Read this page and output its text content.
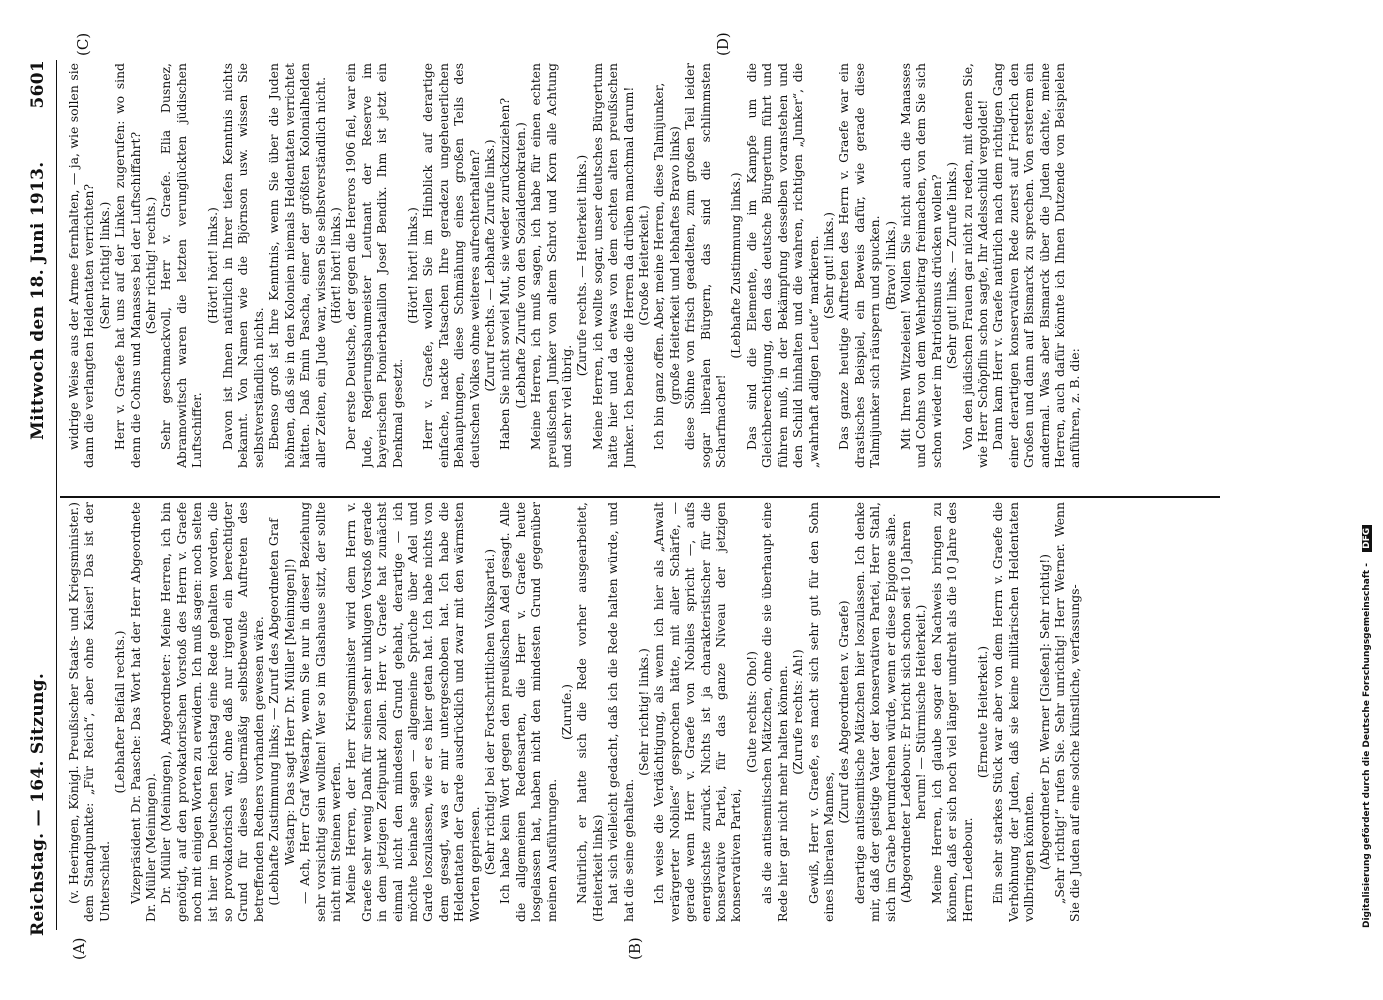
Reichstag. — 164. Sitzung.
Mittwoch den 18. Juni 1913.
5601
(A)	(B)
(C)	(D)

(v. Heeringen, Königl. Preußischer Staats- und Kriegsminister.) dem Standpunkte: „Für Reich“, aber ohne Kaiser! Das ist der Unterschied.

(Lebhafter Beifall rechts.) Vizepräsident Dr. Paasche: Das Wort hat der Herr Abgeordnete Dr. Müller (Meiningen). Dr. Müller (Meiningen), Abgeordneter: Meine Herren, ich bin genötigt, auf den provokatorischen Vorstoß des Herrn v. Graefe noch mit einigen Worten zu erwidern. Ich muß sagen: noch selten ist hier im Deutschen Reichstag eine Rede gehalten worden, die so provokatorisch war, ohne daß nur irgend ein berechtigter Grund für dieses übermäßig selbstbewußte Auftreten des betreffenden Redners vorhanden gewesen wäre. (Lebhafte Zustimmung links; — Zuruf des Abgeordneten Graf Westarp: Das sagt Herr Dr. Müller [Meiningen]!) — Ach, Herr Graf Westarp, wenn Sie nur in dieser Beziehung sehr vorsichtig sein wollten! Wer so im Glashause sitzt, der sollte nicht mit Steinen werfen. Meine Herren, der Herr Kriegsminister wird dem Herrn v. Graefe sehr wenig Dank für seinen sehr unklugen Vorstoß gerade in dem jetzigen Zeitpunkt zollen. Herr v. Graefe hat zunächst einmal nicht den mindesten Grund gehabt, derartige — ich möchte beinahe sagen — allgemeine Sprüche über Adel und Garde loszulassen, wie er es hier getan hat. Ich habe nichts von dem gesagt, was er mir untergeschoben hat. Ich habe die Heldentaten der Garde ausdrücklich und zwar mit den wärmsten Worten gepriesen. (Sehr richtig! bei der Fortschrittlichen Volkspartei.) Ich habe kein Wort gegen den preußischen Adel gesagt. Alle die allgemeinen Redensarten, die Herr v. Graefe heute losgelassen hat, haben nicht den mindesten Grund gegenüber meinen Ausführungen.

(Zurufe.) Natürlich, er hatte sich die Rede vorher ausgearbeitet, (Heiterkeit links) hat sich vielleicht gedacht, daß ich die Rede halten würde, und hat die seine gehalten.

(Sehr richtig! links.) Ich weise die Verdächtigung, als wenn ich hier als „Anwalt verärgerter Nobiles“ gesprochen hätte, mit aller Schärfe, — gerade wenn Herr v. Graefe von Nobiles spricht —, aufs energischste zurück. Nichts ist ja charakteristischer für die konservative Partei, für das ganze Niveau der jetzigen konservativen Partei,

(Gute rechts: Oho!) als die antisemitischen Mätzchen, ohne die sie überhaupt eine Rede hier gar nicht mehr halten können. (Zurufe rechts: Ah!) Gewiß, Herr v. Graefe, es macht sich sehr gut für den Sohn eines liberalen Mannes,

(Zuruf des Abgeordneten v. Graefe) derartige antisemitische Mätzchen hier loszulassen. Ich denke mir, daß der geistige Vater der konservativen Partei, Herr Stahl, sich im Grabe herumdrehen würde, wenn er diese Epigone sähe. (Abgeordneter Ledebour: Er bricht sich schon seit 10 Jahren herum! — Stürmische Heiterkeit.) Meine Herren, ich glaube sogar den Nachweis bringen zu können, daß er sich noch viel länger umdreht als die 10 Jahre des Herrn Ledebour.

(Erneute Heiterkeit.) Ein sehr starkes Stück war aber von dem Herrn v. Graefe die Verhöhnung der Juden, daß sie keine militärischen Heldentaten vollbringen könnten. (Abgeordneter Dr. Werner [Gießen]: Sehr richtig!) „Sehr richtig!“ rufen Sie. Sehr unrichtig! Herr Werner. Wenn Sie die Juden auf eine solche künstliche, verfassungs-

widrige Weise aus der Armee fernhalten, — ja, wie sollen sie dann die verlangten Heldentaten verrichten? (Sehr richtig! links.) Herr v. Graefe hat uns auf der Linken zugerufen: wo sind denn die Cohns und Manasses bei der Luftschiffahrt? (Sehr richtig! rechts.) Sehr geschmackvoll, Herr v. Graefe. Elia Dusnez, Abramowitsch waren die letzten verunglückten jüdischen Luftschiffer.

(Hört! hört! links.) Davon ist Ihnen natürlich in Ihrer tiefen Kenntnis nichts bekannt. Von Namen wie die Björnson usw. wissen Sie selbstverständlich nichts. Ebenso groß ist Ihre Kenntnis, wenn Sie über die Juden höhnen, daß sie in den Kolonien niemals Heldentaten verrichtet hätten. Daß Emin Pascha, einer der größten Kolonialhelden aller Zeiten, ein Jude war, wissen Sie selbstverständlich nicht. (Hört! hört! links.) Der erste Deutsche, der gegen die Hereros 1906 fiel, war ein Jude, Regierungsbaumeister Leutnant der Reserve im bayerischen Pionierbataillon Josef Bendix. Ihm ist jetzt ein Denkmal gesetzt.

(Hört! hört! links.) Herr v. Graefe, wollen Sie im Hinblick auf derartige einfache, nackte Tatsachen Ihre geradezu ungeheuerlichen Behauptungen, diese Schmähung eines großen Teils des deutschen Volkes ohne weiteres aufrechterhalten? (Zuruf rechts. — Lebhafte Zurufe links.) Haben Sie nicht soviel Mut, sie wieder zurückzuziehen? (Lebhafte Zurufe von den Sozialdemokraten.) Meine Herren, ich muß sagen, ich habe für einen echten preußischen Junker von altem Schrot und Korn alle Achtung und sehr viel übrig.

(Zurufe rechts. — Heiterkeit links.) Meine Herren, ich wollte sogar, unser deutsches Bürgertum hätte hier und da etwas von dem echten alten preußischen Junker. Ich beneide die Herren da drüben manchmal darum! (Große Heiterkeit.) Ich bin ganz offen. Aber, meine Herren, diese Talmijunker, (große Heiterkeit und lebhaftes Bravo links) diese Söhne von frisch geadelten, zum großen Teil leider sogar liberalen Bürgern, das sind die schlimmsten Scharfmacher!

(Lebhafte Zustimmung links.) Das sind die Elemente, die im Kampfe um die Gleichberechtigung, den das deutsche Bürgertum führt und führen muß, in der Bekämpfung desselben voranstehen und den Schild hinhalten und die wahren, richtigen „Junker“, die „wahrhaft adligen Leute“ markieren. (Sehr gut! links.) Das ganze heutige Auftreten des Herrn v. Graefe war ein drastisches Beispiel, ein Beweis dafür, wie gerade diese Talmijunker sich räuspern und spucken. (Bravo! links.) Mit Ihren Witzeleien! Wollen Sie nicht auch die Manasses und Cohns von dem Wehrbeitrag freimachen, von dem Sie sich schon wieder im Patriotismus drücken wollen? (Sehr gut! links. — Zurufe links.) Von den jüdischen Frauen gar nicht zu reden, mit denen Sie, wie Herr Schöpflin schon sagte, Ihr Adelsschild vergoldet! Dann kam Herr v. Graefe natürlich nach dem richtigen Gang einer derartigen konservativen Rede zuerst auf Friedrich den Großen und dann auf Bismarck zu sprechen. Von ersterem ein andermal. Was aber Bismarck über die Juden dachte, meine Herren, auch dafür könnte ich Ihnen Dutzende von Beispielen anführen, z. B. die:

Digitalisierung gefördert durch die Deutsche Forschungsgemeinschaft - DFG
